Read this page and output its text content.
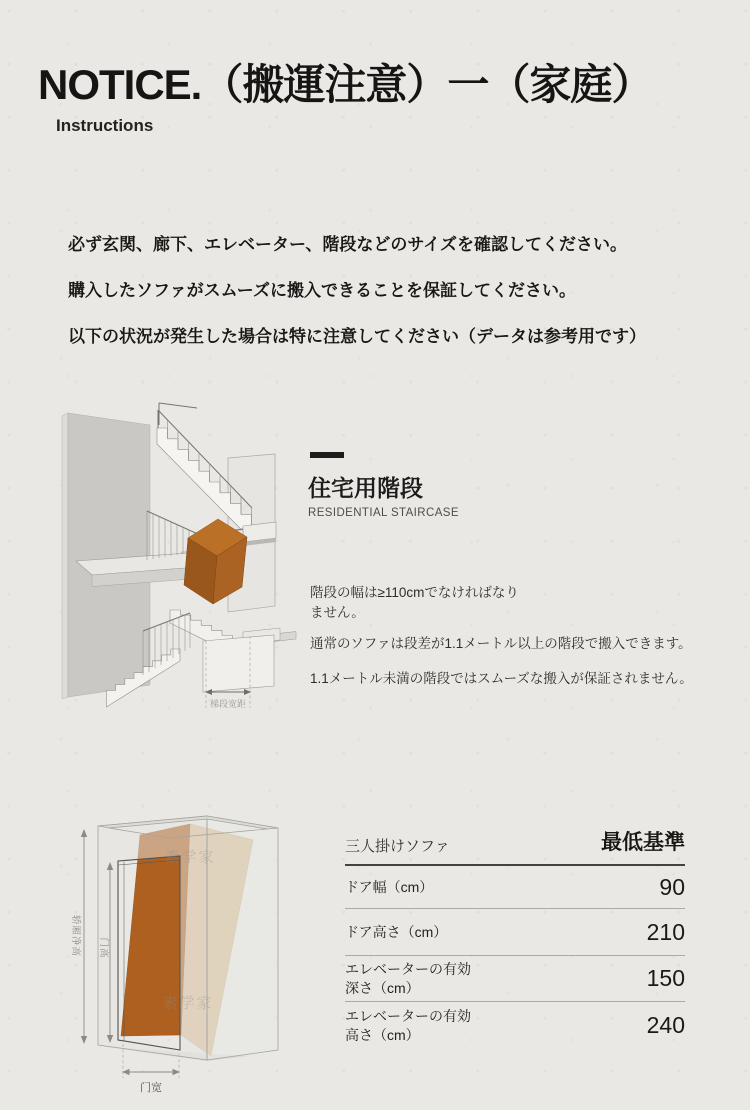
NOTICE.（搬運注意）一（家庭）
Instructions

必ず玄関、廊下、エレベーター、階段などのサイズを確認してください。

購入したソファがスムーズに搬入できることを保証してください。

以下の状況が発生した場合は特に注意してください（データは参考用です）

梯段宽距
住宅用階段
RESIDENTIAL STAIRCASE

階段の幅は≥110cmでなければなりません。

通常のソファは段差が1.1メートル以上の階段で搬入できます。

1.1メートル未満の階段ではスムーズな搬入が保証されません。

轿厢净高 门高
门宽
素学家
素学家
三人掛けソファ	最低基準
ドア幅（cm）	90
ドア高さ（cm）	210
エレベーターの有効深さ（cm）	150
エレベーターの有効高さ（cm）	240
